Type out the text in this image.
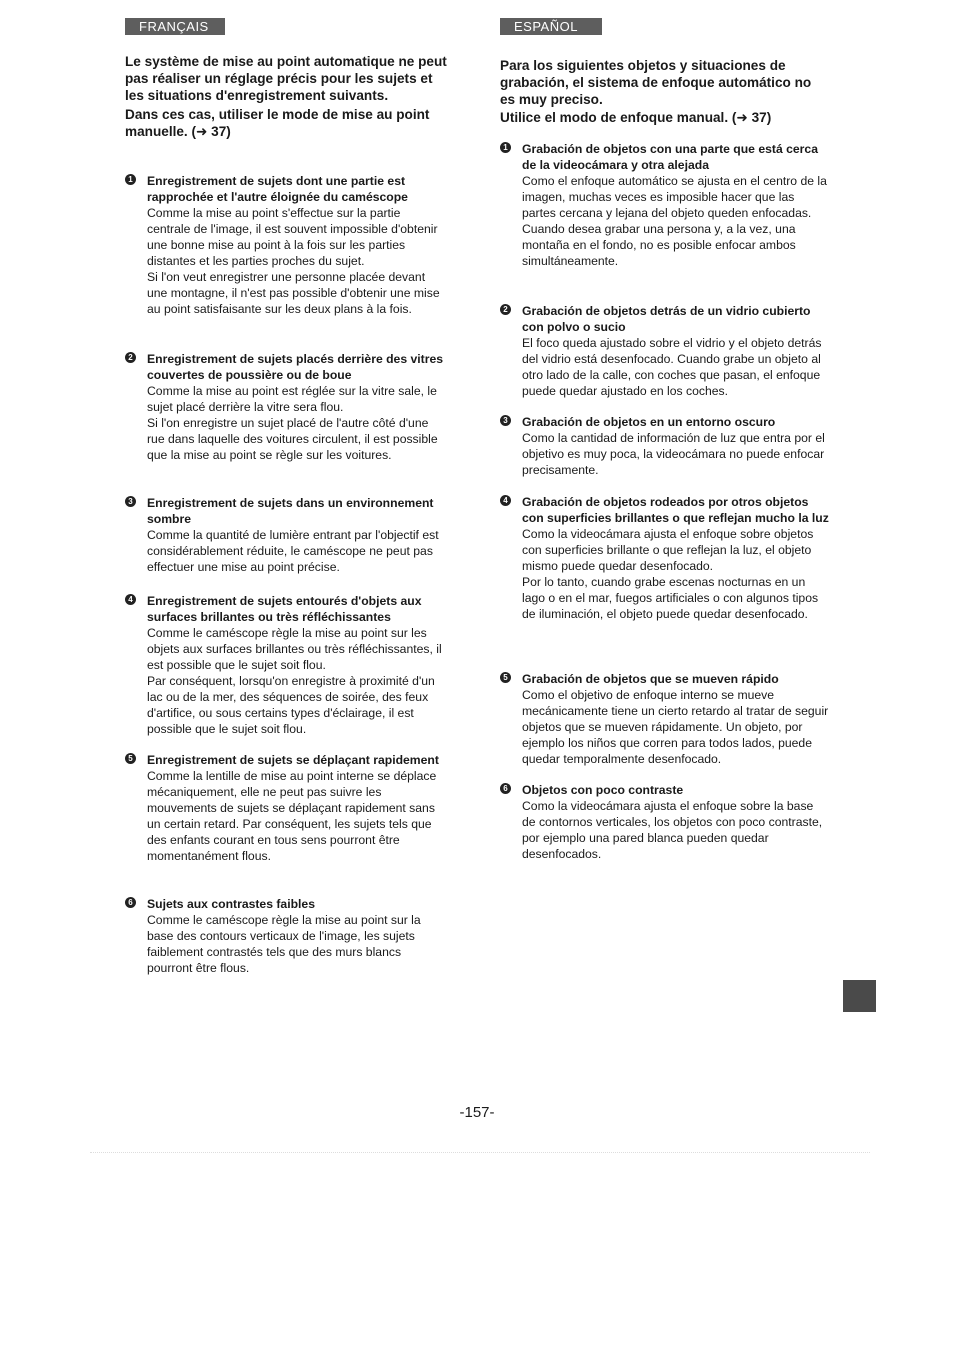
FRANÇAIS	ESPAÑOL

Le système de mise au point automatique ne peut pas réaliser un réglage précis pour les sujets et les situations d'enregistrement suivants.

Dans ces cas, utiliser le mode de mise au point manuelle. (➜ 37)

Para los siguientes objetos y situaciones de grabación, el sistema de enfoque automático no es muy preciso.

Utilice el modo de enfoque manual. (➜ 37)

1 Enregistrement de sujets dont une partie est rapprochée et l'autre éloignée du caméscope

Comme la mise au point s'effectue sur la partie centrale de l'image, il est souvent impossible d'obtenir une bonne mise au point à la fois sur les parties distantes et les parties proches du sujet.

Si l'on veut enregistrer une personne placée devant une montagne, il n'est pas possible d'obtenir une mise au point satisfaisante sur les deux plans à la fois.

2 Enregistrement de sujets placés derrière des vitres couvertes de poussière ou de boue

Comme la mise au point est réglée sur la vitre sale, le sujet placé derrière la vitre sera flou.

Si l'on enregistre un sujet placé de l'autre côté d'une rue dans laquelle des voitures circulent, il est possible que la mise au point se règle sur les voitures.

3 Enregistrement de sujets dans un environnement sombre

Comme la quantité de lumière entrant par l'objectif est considérablement réduite, le caméscope ne peut pas effectuer une mise au point précise.

4 Enregistrement de sujets entourés d'objets aux surfaces brillantes ou très réfléchissantes

Comme le caméscope règle la mise au point sur les objets aux surfaces brillantes ou très réfléchissantes, il est possible que le sujet soit flou.

Par conséquent, lorsqu'on enregistre à proximité d'un lac ou de la mer, des séquences de soirée, des feux d'artifice, ou sous certains types d'éclairage, il est possible que le sujet soit flou.

5 Enregistrement de sujets se déplaçant rapidement

Comme la lentille de mise au point interne se déplace mécaniquement, elle ne peut pas suivre les mouvements de sujets se déplaçant rapidement sans un certain retard. Par conséquent, les sujets tels que des enfants courant en tous sens pourront être momentanément flous.

6 Sujets aux contrastes faibles

Comme le caméscope règle la mise au point sur la base des contours verticaux de l'image, les sujets faiblement contrastés tels que des murs blancs pourront être flous.

1 Grabación de objetos con una parte que está cerca de la videocámara y otra alejada

Como el enfoque automático se ajusta en el centro de la imagen, muchas veces es imposible hacer que las partes cercana y lejana del objeto queden enfocadas.

Cuando desea grabar una persona y, a la vez, una montaña en el fondo, no es posible enfocar ambos simultáneamente.

2 Grabación de objetos detrás de un vidrio cubierto con polvo o sucio

El foco queda ajustado sobre el vidrio y el objeto detrás del vidrio está desenfocado. Cuando grabe un objeto al otro lado de la calle, con coches que pasan, el enfoque puede quedar ajustado en los coches.

3 Grabación de objetos en un entorno oscuro

Como la cantidad de información de luz que entra por el objetivo es muy poca, la videocámara no puede enfocar precisamente.

4 Grabación de objetos rodeados por otros objetos con superficies brillantes o que reflejan mucho la luz

Como la videocámara ajusta el enfoque sobre objetos con superficies brillante o que reflejan la luz, el objeto mismo puede quedar desenfocado.

Por lo tanto, cuando grabe escenas nocturnas en un lago o en el mar, fuegos artificiales o con algunos tipos de iluminación, el objeto puede quedar desenfocado.

5 Grabación de objetos que se mueven rápido

Como el objetivo de enfoque interno se mueve mecánicamente tiene un cierto retardo al tratar de seguir objetos que se mueven rápidamente. Un objeto, por ejemplo los niños que corren para todos lados, puede quedar temporalmente desenfocado.

6 Objetos con poco contraste

Como la videocámara ajusta el enfoque sobre la base de contornos verticales, los objetos con poco contraste, por ejemplo una pared blanca pueden quedar desenfocados.

-157-
